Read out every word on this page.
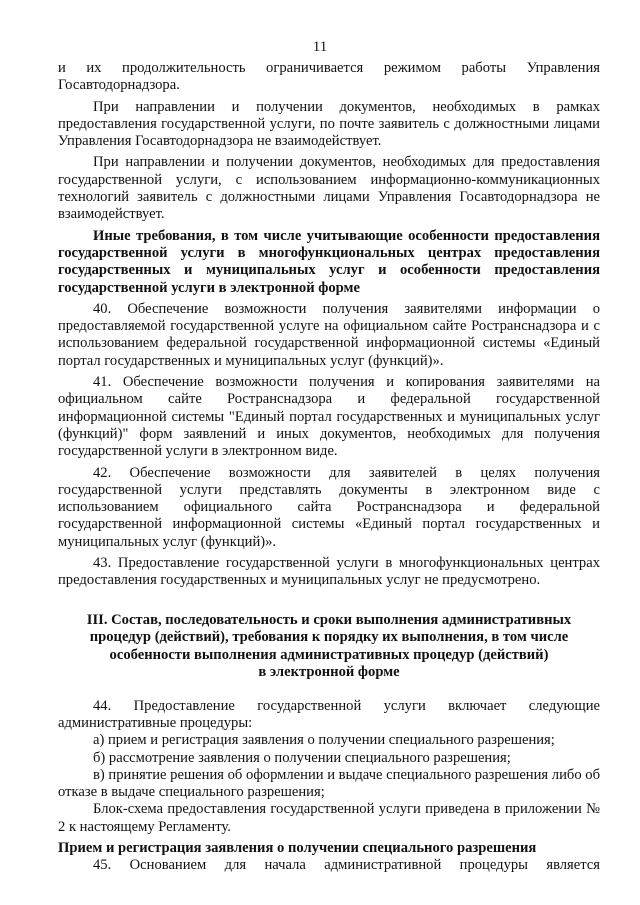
11

и их продолжительность ограничивается режимом работы Управления Госавтодорнадзора.

При направлении и получении документов, необходимых в рамках предоставления государственной услуги, по почте заявитель с должностными лицами Управления Госавтодорнадзора не взаимодействует.

При направлении и получении документов, необходимых для предоставления государственной услуги, с использованием информационно-коммуникационных технологий заявитель с должностными лицами Управления Госавтодорнадзора не взаимодействует.

Иные требования, в том числе учитывающие особенности предоставления государственной услуги в многофункциональных центрах предоставления государственных и муниципальных услуг и особенности предоставления государственной услуги в электронной форме

40. Обеспечение возможности получения заявителями информации о предоставляемой государственной услуге на официальном сайте Ространснадзора и с использованием федеральной государственной информационной системы «Единый портал государственных и муниципальных услуг (функций)».

41. Обеспечение возможности получения и копирования заявителями на официальном сайте Ространснадзора и федеральной государственной информационной системы "Единый портал государственных и муниципальных услуг (функций)" форм заявлений и иных документов, необходимых для получения государственной услуги в электронном виде.

42. Обеспечение возможности для заявителей в целях получения государственной услуги представлять документы в электронном виде с использованием официального сайта Ространснадзора и федеральной государственной информационной системы «Единый портал государственных и муниципальных услуг (функций)».

43. Предоставление государственной услуги в многофункциональных центрах предоставления государственных и муниципальных услуг не предусмотрено.

III. Состав, последовательность и сроки выполнения административных
процедур (действий), требования к порядку их выполнения, в том числе
особенности выполнения административных процедур (действий)
в электронной форме

44. Предоставление государственной услуги включает следующие административные процедуры:

а) прием и регистрация заявления о получении специального разрешения;

б) рассмотрение заявления о получении специального разрешения;

в) принятие решения об оформлении и выдаче специального разрешения либо об отказе в выдаче специального разрешения;

Блок-схема предоставления государственной услуги приведена в приложении № 2 к настоящему Регламенту.

Прием и регистрация заявления о получении специального разрешения

45. Основанием для начала административной процедуры является
